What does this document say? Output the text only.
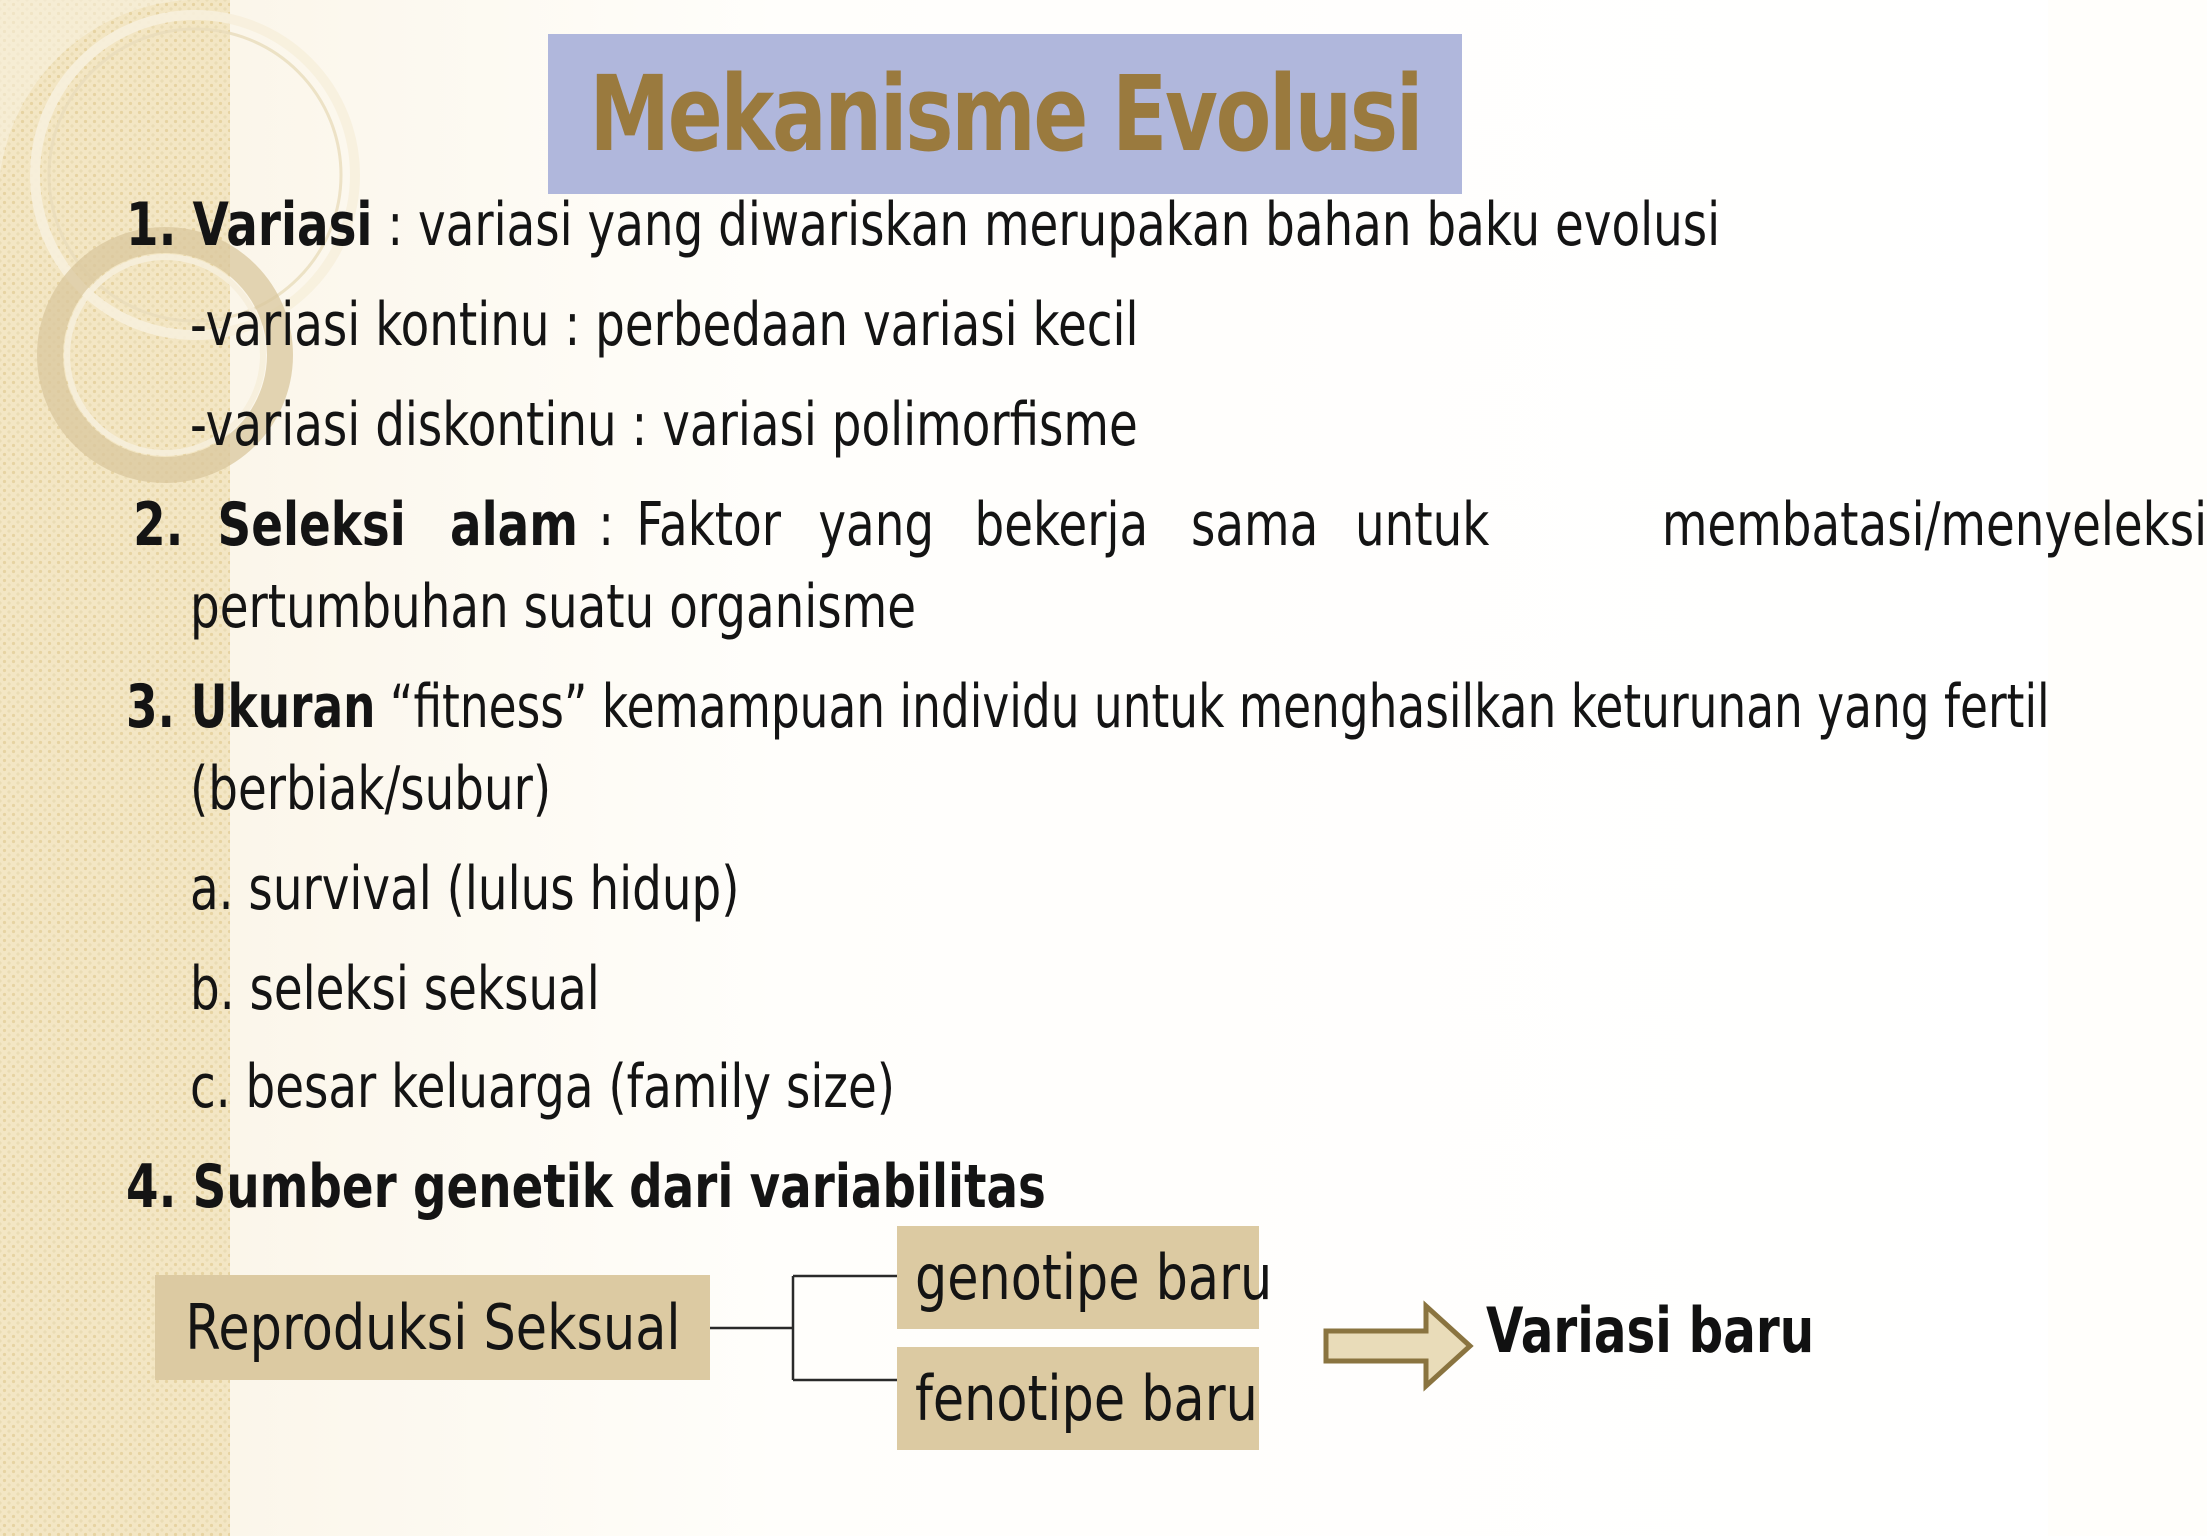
Mekanisme Evolusi
1. Variasi : variasi yang diwariskan merupakan bahan baku evolusi
-variasi kontinu : perbedaan variasi kecil
-variasi diskontinu : variasi polimorfisme
2. Seleksi alam : Faktor yang bekerja sama untuk	membatasi/menyeleksi
pertumbuhan suatu organisme
3. Ukuran “fitness” kemampuan individu untuk menghasilkan keturunan yang fertil
(berbiak/subur)
a. survival (lulus hidup)
b. seleksi seksual
c. besar keluarga (family size)
4. Sumber genetik dari variabilitas
Reproduksi Seksual
genotipe baru
fenotipe baru
Variasi baru
